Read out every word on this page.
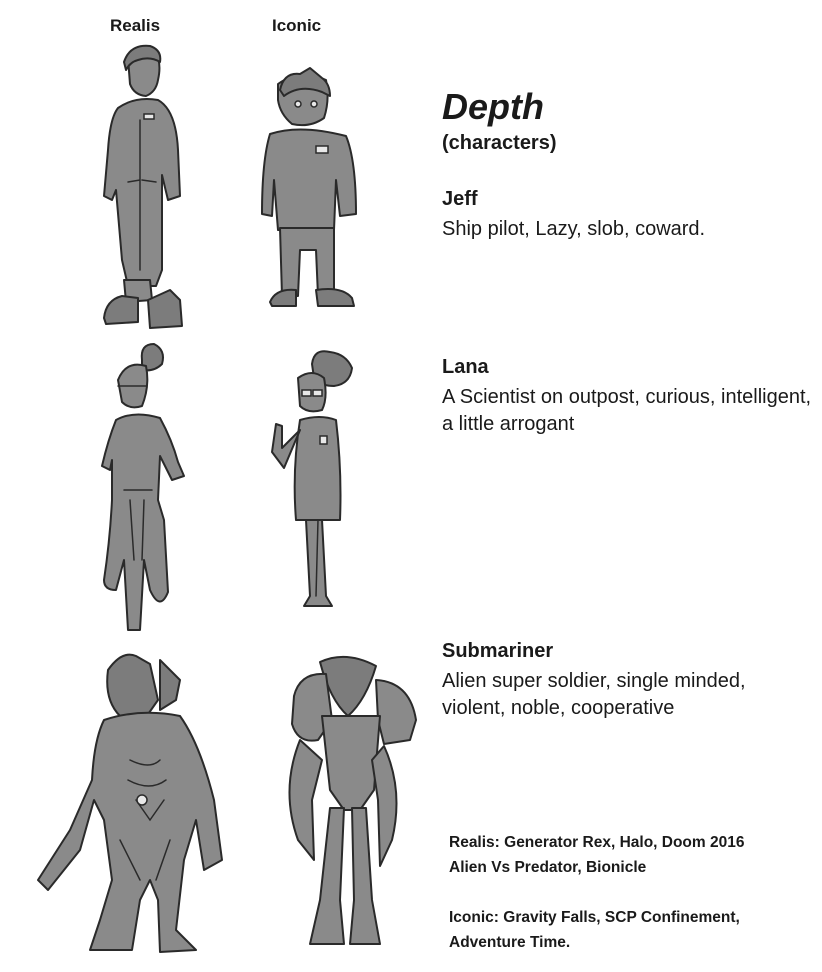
Realis	Iconic
Depth
(characters)
Jeff
Ship pilot, Lazy, slob, coward.
Lana
A Scientist on outpost, curious, intelligent, a little arrogant
Submariner
Alien super soldier, single minded, violent, noble, cooperative
Realis: Generator Rex, Halo, Doom 2016
Alien Vs Predator, Bionicle
Iconic: Gravity Falls, SCP Confinement,
Adventure Time.
